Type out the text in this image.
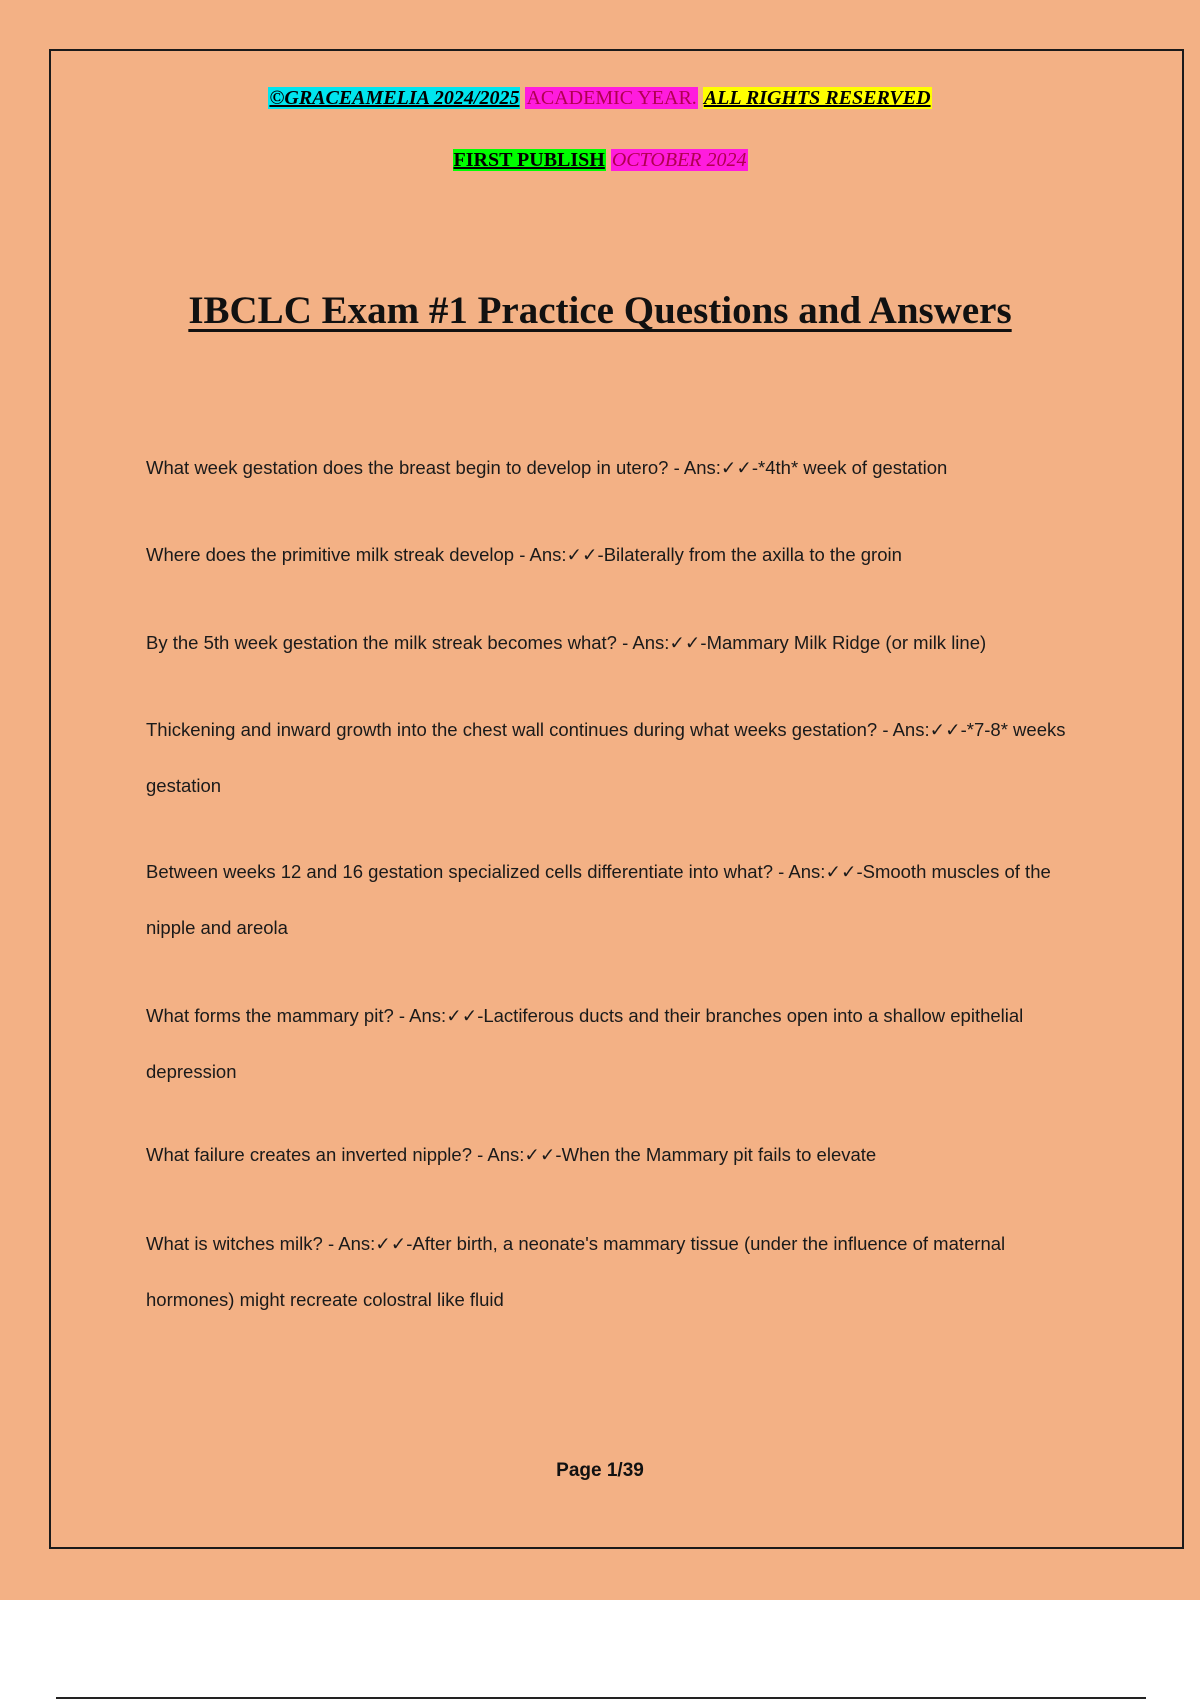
©GRACEAMELIA 2024/2025 ACADEMIC YEAR. ALL RIGHTS RESERVED
FIRST PUBLISH OCTOBER 2024
IBCLC Exam #1 Practice Questions and Answers
What week gestation does the breast begin to develop in utero? - Ans:✓✓-*4th* week of gestation
Where does the primitive milk streak develop - Ans:✓✓-Bilaterally from the axilla to the groin
By the 5th week gestation the milk streak becomes what? - Ans:✓✓-Mammary Milk Ridge (or milk line)
Thickening and inward growth into the chest wall continues during what weeks gestation? - Ans:✓✓-*7-8* weeks gestation
Between weeks 12 and 16 gestation specialized cells differentiate into what? - Ans:✓✓-Smooth muscles of the nipple and areola
What forms the mammary pit? - Ans:✓✓-Lactiferous ducts and their branches open into a shallow epithelial depression
What failure creates an inverted nipple? - Ans:✓✓-When the Mammary pit fails to elevate
What is witches milk? - Ans:✓✓-After birth, a neonate's mammary tissue (under the influence of maternal hormones) might recreate colostral like fluid
Page 1/39
